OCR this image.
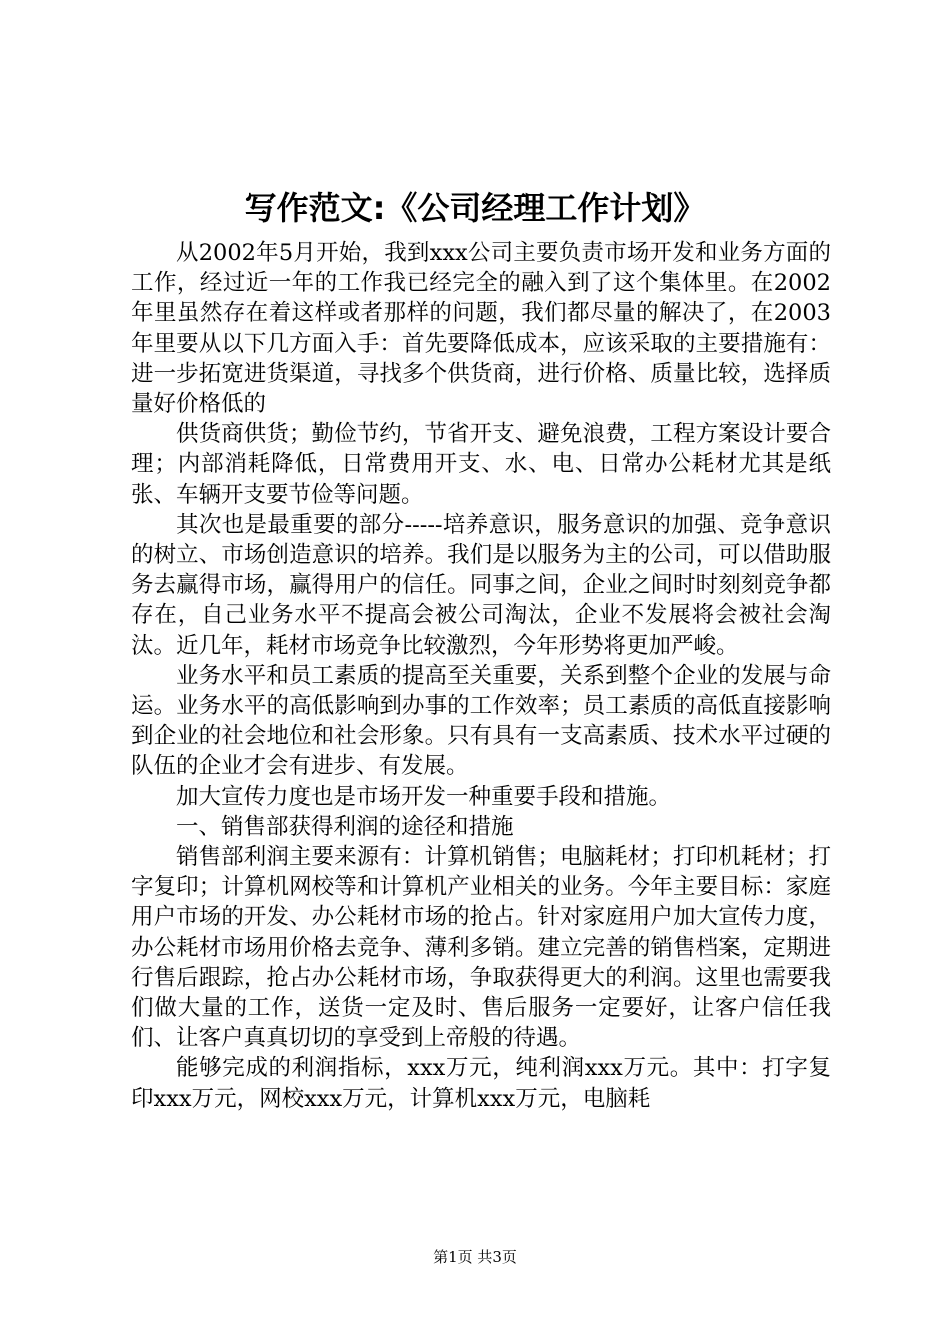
写作范文:《公司经理工作计划》

从2002年5月开始，我到xxx公司主要负责市场开发和业务方面的工作，经过近一年的工作我已经完全的融入到了这个集体里。在2002年里虽然存在着这样或者那样的问题，我们都尽量的解决了，在2003年里要从以下几方面入手：首先要降低成本，应该采取的主要措施有：进一步拓宽进货渠道，寻找多个供货商，进行价格、质量比较，选择质量好价格低的

供货商供货；勤俭节约，节省开支、避免浪费，工程方案设计要合理；内部消耗降低，日常费用开支、水、电、日常办公耗材尤其是纸张、车辆开支要节俭等问题。

其次也是最重要的部分-----培养意识，服务意识的加强、竞争意识的树立、市场创造意识的培养。我们是以服务为主的公司，可以借助服务去赢得市场，赢得用户的信任。同事之间，企业之间时时刻刻竞争都存在，自己业务水平不提高会被公司淘汰，企业不发展将会被社会淘汰。近几年，耗材市场竞争比较激烈，今年形势将更加严峻。

业务水平和员工素质的提高至关重要，关系到整个企业的发展与命运。业务水平的高低影响到办事的工作效率；员工素质的高低直接影响到企业的社会地位和社会形象。只有具有一支高素质、技术水平过硬的队伍的企业才会有进步、有发展。

加大宣传力度也是市场开发一种重要手段和措施。

一、销售部获得利润的途径和措施

销售部利润主要来源有：计算机销售；电脑耗材；打印机耗材；打字复印；计算机网校等和计算机产业相关的业务。今年主要目标：家庭用户市场的开发、办公耗材市场的抢占。针对家庭用户加大宣传力度，办公耗材市场用价格去竞争、薄利多销。建立完善的销售档案，定期进行售后跟踪，抢占办公耗材市场，争取获得更大的利润。这里也需要我们做大量的工作，送货一定及时、售后服务一定要好，让客户信任我们、让客户真真切切的享受到上帝般的待遇。

能够完成的利润指标，xxx万元，纯利润xxx万元。其中：打字复印xxx万元，网校xxx万元，计算机xxx万元，电脑耗

第1页 共3页
